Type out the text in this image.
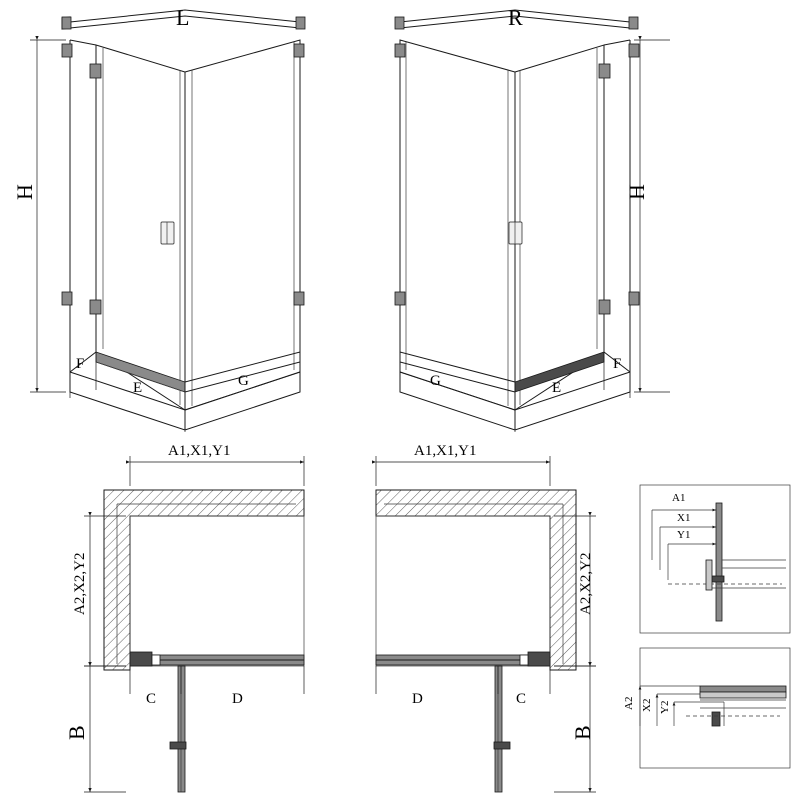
F
E	G
H
L
F
E
G
H
R
A1,X1,Y1
A2,X2,Y2
C	D
B
A1,X1,Y1
A2,X2,Y2
D	C
B
A1
X1
Y1
A2 X2 Y2
